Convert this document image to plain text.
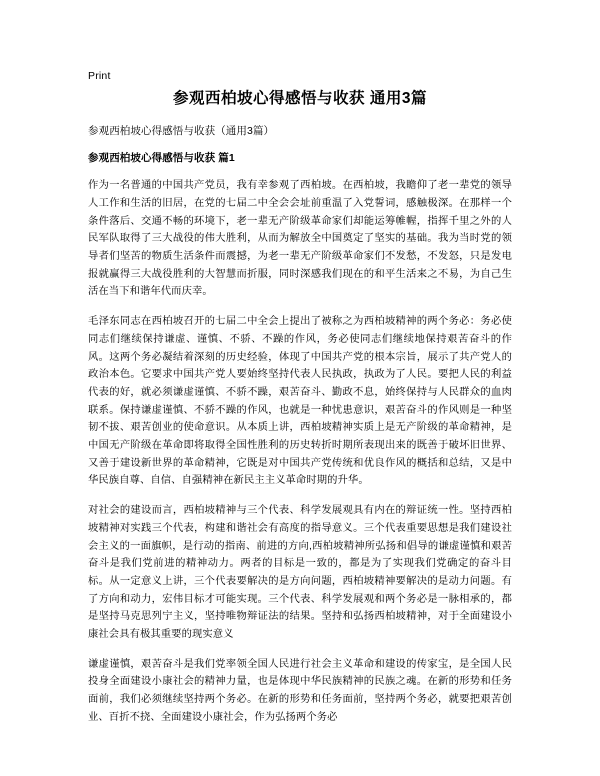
Print
参观西柏坡心得感悟与收获 通用3篇
参观西柏坡心得感悟与收获（通用3篇）
参观西柏坡心得感悟与收获 篇1

作为一名普通的中国共产党员，我有幸参观了西柏坡。在西柏坡，我瞻仰了老一辈党的领导人工作和生活的旧居，在党的七届二中全会会址前重温了入党誓词，感触极深。在那样一个条件落后、交通不畅的环境下，老一辈无产阶级革命家们却能运筹帷幄，指挥千里之外的人民军队取得了三大战役的伟大胜利，从而为解放全中国奠定了坚实的基础。我为当时党的领导者们坚苦的物质生活条件而震撼，为老一辈无产阶级革命家们不发愁，不发怒，只是发电报就赢得三大战役胜利的大智慧而折服，同时深感我们现在的和平生活来之不易，为自己生活在当下和谐年代而庆幸。

毛泽东同志在西柏坡召开的七届二中全会上提出了被称之为西柏坡精神的两个务必：务必使同志们继续保持谦虚、谨慎、不骄、不躁的作风，务必使同志们继续地保持艰苦奋斗的作风。这两个务必凝结着深刻的历史经验，体现了中国共产党的根本宗旨，展示了共产党人的政治本色。它要求中国共产党人要始终坚持代表人民执政，执政为了人民。要把人民的利益代表的好，就必须谦虚谨慎、不骄不躁，艰苦奋斗、勤政不息，始终保持与人民群众的血肉联系。保持谦虚谨慎、不骄不躁的作风，也就是一种忧患意识，艰苦奋斗的作风则是一种坚韧不拔、艰苦创业的使命意识。从本质上讲，西柏坡精神实质上是无产阶级的革命精神，是中国无产阶级在革命即将取得全国性胜利的历史转折时期所表现出来的既善于破坏旧世界、又善于建设新世界的革命精神，它既是对中国共产党传统和优良作风的概括和总结，又是中华民族自尊、自信、自强精神在新民主主义革命时期的升华。

对社会的建设而言，西柏坡精神与三个代表、科学发展观具有内在的辩证统一性。坚持西柏坡精神对实践三个代表，构建和谐社会有高度的指导意义。三个代表重要思想是我们建设社会主义的一面旗帜，是行动的指南、前进的方向,西柏坡精神所弘扬和倡导的谦虚谨慎和艰苦奋斗是我们党前进的精神动力。两者的目标是一致的，都是为了实现我们党确定的奋斗目标。从一定意义上讲，三个代表要解决的是方向问题，西柏坡精神要解决的是动力问题。有了方向和动力，宏伟目标才可能实现。三个代表、科学发展观和两个务必是一脉相承的，都是坚持马克思列宁主义，坚持唯物辩证法的结果。坚持和弘扬西柏坡精神，对于全面建设小康社会具有极其重要的现实意义

谦虚谨慎，艰苦奋斗是我们党率领全国人民进行社会主义革命和建设的传家宝，是全国人民投身全面建设小康社会的精神力量，也是体现中华民族精神的民族之魂。在新的形势和任务面前，我们必须继续坚持两个务必。在新的形势和任务面前，坚持两个务必，就要把艰苦创业、百折不挠、全面建设小康社会，作为弘扬两个务必
